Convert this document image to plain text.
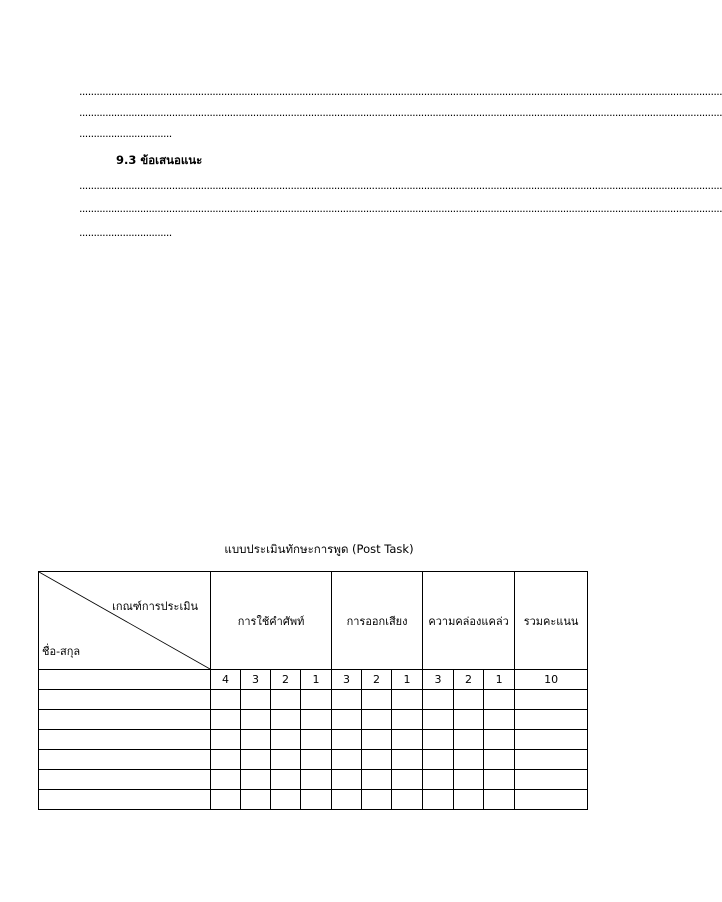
..............................................................................................................................................................................................................................
..............................................................................................................................................................................................................................
................................
9.3 ข้อเสนอแนะ
..............................................................................................................................................................................................................................
..............................................................................................................................................................................................................................
................................
แบบประเมินทักษะการพูด (Post Task)
เกณฑ์การประเมิน
ชื่อ-สกุล	การใช้คำศัพท์				การออกเสียง			ความคล่องแคล่ว			รวมคะแนน
	4	3	2	1	3	2	1	3	2	1	10
